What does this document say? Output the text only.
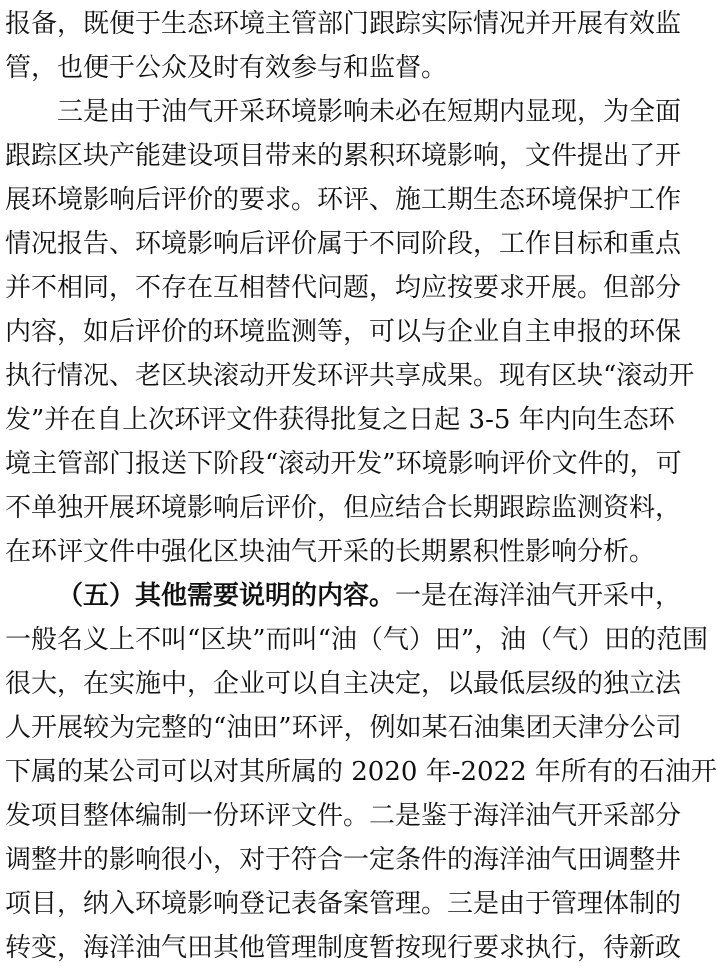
报备，既便于生态环境主管部门跟踪实际情况并开展有效监
管，也便于公众及时有效参与和监督。
三是由于油气开采环境影响未必在短期内显现，为全面
跟踪区块产能建设项目带来的累积环境影响，文件提出了开
展环境影响后评价的要求。环评、施工期生态环境保护工作
情况报告、环境影响后评价属于不同阶段，工作目标和重点
并不相同，不存在互相替代问题，均应按要求开展。但部分
内容，如后评价的环境监测等，可以与企业自主申报的环保
执行情况、老区块滚动开发环评共享成果。现有区块“滚动开
发”并在自上次环评文件获得批复之日起 3-5 年内向生态环
境主管部门报送下阶段“滚动开发”环境影响评价文件的，可
不单独开展环境影响后评价，但应结合长期跟踪监测资料，
在环评文件中强化区块油气开采的长期累积性影响分析。
（五）其他需要说明的内容。一是在海洋油气开采中，
一般名义上不叫“区块”而叫“油（气）田”，油（气）田的范围
很大，在实施中，企业可以自主决定，以最低层级的独立法
人开展较为完整的“油田”环评，例如某石油集团天津分公司
下属的某公司可以对其所属的 2020 年-2022 年所有的石油开
发项目整体编制一份环评文件。二是鉴于海洋油气开采部分
调整井的影响很小，对于符合一定条件的海洋油气田调整井
项目，纳入环境影响登记表备案管理。三是由于管理体制的
转变，海洋油气田其他管理制度暂按现行要求执行，待新政
